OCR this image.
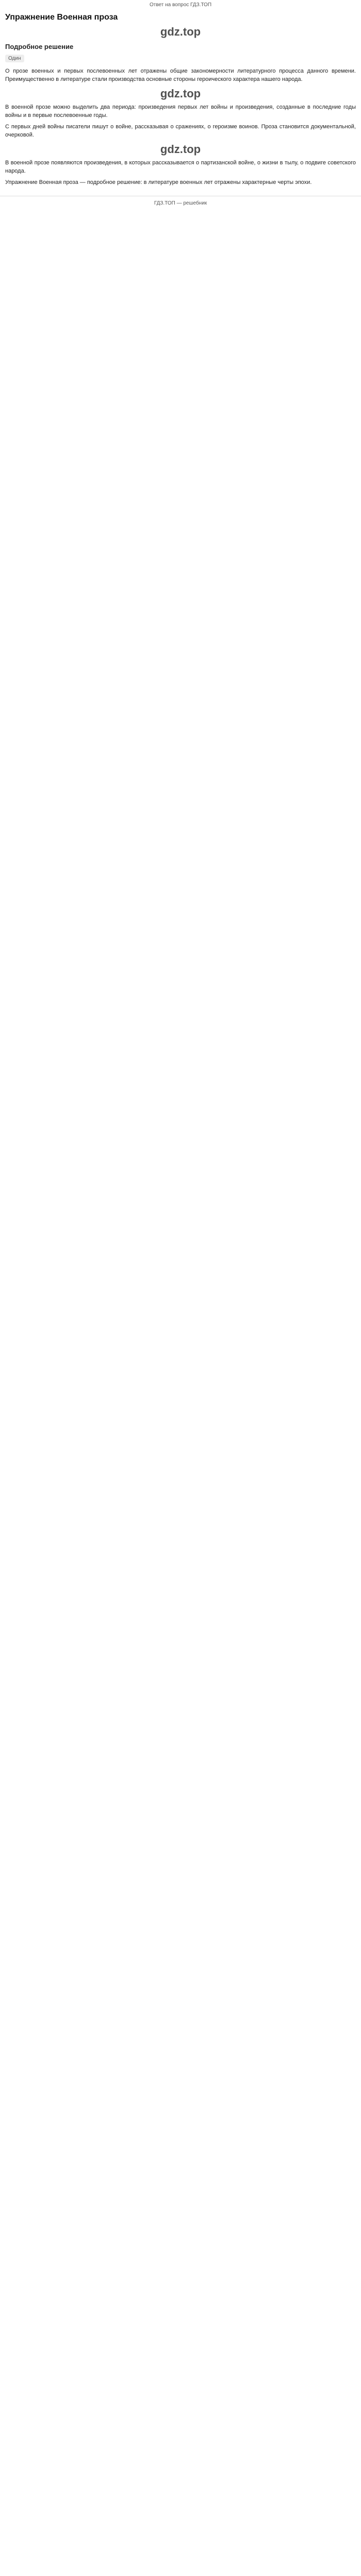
Ответ на вопрос ГДЗ.ТОП
Упражнение Военная проза
gdz.top
Подробное решение
Один

О прозе военных и первых послевоенных лет отражены общие закономерности литературного процесса данного времени. Преимущественно в литературе стали производства основные стороны героического характера нашего народа.

gdz.top

В военной прозе можно выделить два периода: произведения первых лет войны и произведения, созданные в последние годы войны и в первые послевоенные годы.

С первых дней войны писатели пишут о войне, рассказывая о сражениях, о героизме воинов. Проза становится документальной, очерковой.

gdz.top

В военной прозе появляются произведения, в которых рассказывается о партизанской войне, о жизни в тылу, о подвиге советского народа.

Упражнение Военная проза — подробное решение: в литературе военных лет отражены характерные черты эпохи.

ГДЗ.ТОП — решебник
